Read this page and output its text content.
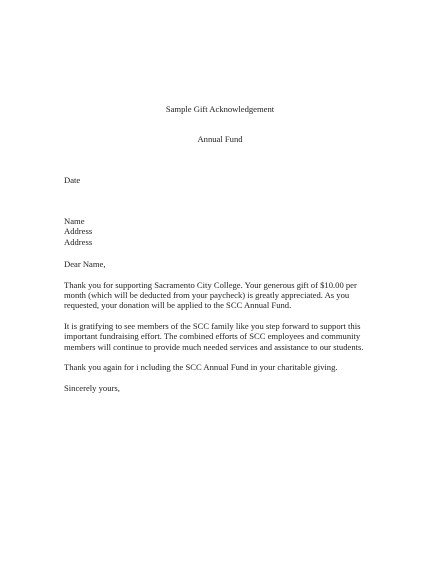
Sample Gift Acknowledgement

Annual Fund

Date

Name

Address

Address

Dear Name,

Thank you for supporting Sacramento City College. Your generous gift of $10.00 per

month (which will be deducted from your paycheck) is greatly appreciated. As you

requested, your donation will be applied to the SCC Annual Fund.

It is gratifying to see members of the SCC family like you step forward to support this

important fundraising effort. The combined efforts of SCC employees and community

members will continue to provide much needed services and assistance to our students.

Thank you again for i ncluding the SCC Annual Fund in your charitable giving.

Sincerely yours,
